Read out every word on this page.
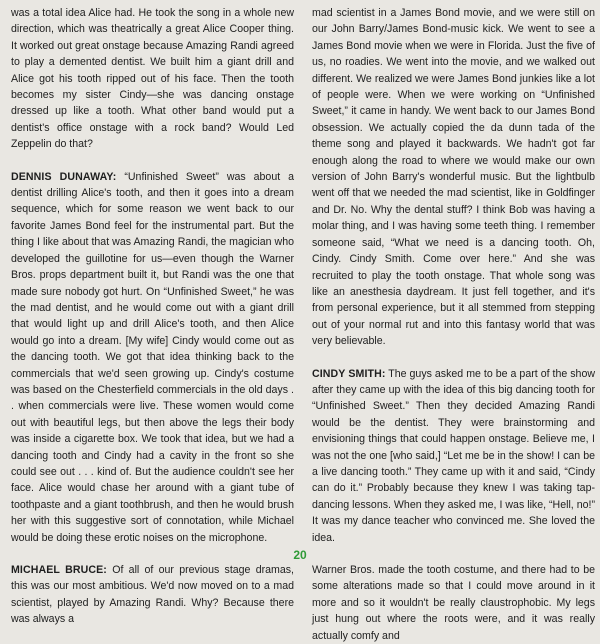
was a total idea Alice had. He took the song in a whole new direction, which was theatrically a great Alice Cooper thing. It worked out great onstage because Amazing Randi agreed to play a demented dentist. We built him a giant drill and Alice got his tooth ripped out of his face. Then the tooth becomes my sister Cindy—she was dancing onstage dressed up like a tooth. What other band would put a dentist's office onstage with a rock band? Would Led Zeppelin do that?

DENNIS DUNAWAY: “Unfinished Sweet” was about a dentist drilling Alice's tooth, and then it goes into a dream sequence, which for some reason we went back to our favorite James Bond feel for the instrumental part. But the thing I like about that was Amazing Randi, the magician who developed the guillotine for us—even though the Warner Bros. props department built it, but Randi was the one that made sure nobody got hurt. On “Unfinished Sweet,” he was the mad dentist, and he would come out with a giant drill that would light up and drill Alice's tooth, and then Alice would go into a dream. [My wife] Cindy would come out as the dancing tooth. We got that idea thinking back to the commercials that we'd seen growing up. Cindy's costume was based on the Chesterfield commercials in the old days . . when commercials were live. These women would come out with beautiful legs, but then above the legs their body was inside a cigarette box. We took that idea, but we had a dancing tooth and Cindy had a cavity in the front so she could see out . . . kind of. But the audience couldn't see her face. Alice would chase her around with a giant tube of toothpaste and a giant toothbrush, and then he would brush her with this suggestive sort of connotation, while Michael would be doing these erotic noises on the microphone.

MICHAEL BRUCE: Of all of our previous stage dramas, this was our most ambitious. We'd now moved on to a mad scientist, played by Amazing Randi. Why? Because there was always a

mad scientist in a James Bond movie, and we were still on our John Barry/James Bond-music kick. We went to see a James Bond movie when we were in Florida. Just the five of us, no roadies. We went into the movie, and we walked out different. We realized we were James Bond junkies like a lot of people were. When we were working on “Unfinished Sweet,” it came in handy. We went back to our James Bond obsession. We actually copied the da dunn tada of the theme song and played it backwards. We hadn't got far enough along the road to where we would make our own version of John Barry's wonderful music. But the lightbulb went off that we needed the mad scientist, like in Goldfinger and Dr. No. Why the dental stuff? I think Bob was having a molar thing, and I was having some teeth thing. I remember someone said, “What we need is a dancing tooth. Oh, Cindy. Cindy Smith. Come over here.” And she was recruited to play the tooth onstage. That whole song was like an anesthesia daydream. It just fell together, and it's from personal experience, but it all stemmed from stepping out of your normal rut and into this fantasy world that was very believable.

CINDY SMITH: The guys asked me to be a part of the show after they came up with the idea of this big dancing tooth for “Unfinished Sweet.” Then they decided Amazing Randi would be the dentist. They were brainstorming and envisioning things that could happen onstage. Believe me, I was not the one [who said,] “Let me be in the show! I can be a live dancing tooth.” They came up with it and said, “Cindy can do it.” Probably because they knew I was taking tap-dancing lessons. When they asked me, I was like, “Hell, no!” It was my dance teacher who convinced me. She loved the idea.

Warner Bros. made the tooth costume, and there had to be some alterations made so that I could move around in it more and so it wouldn't be really claustrophobic. My legs just hung out where the roots were, and it was really actually comfy and

20
